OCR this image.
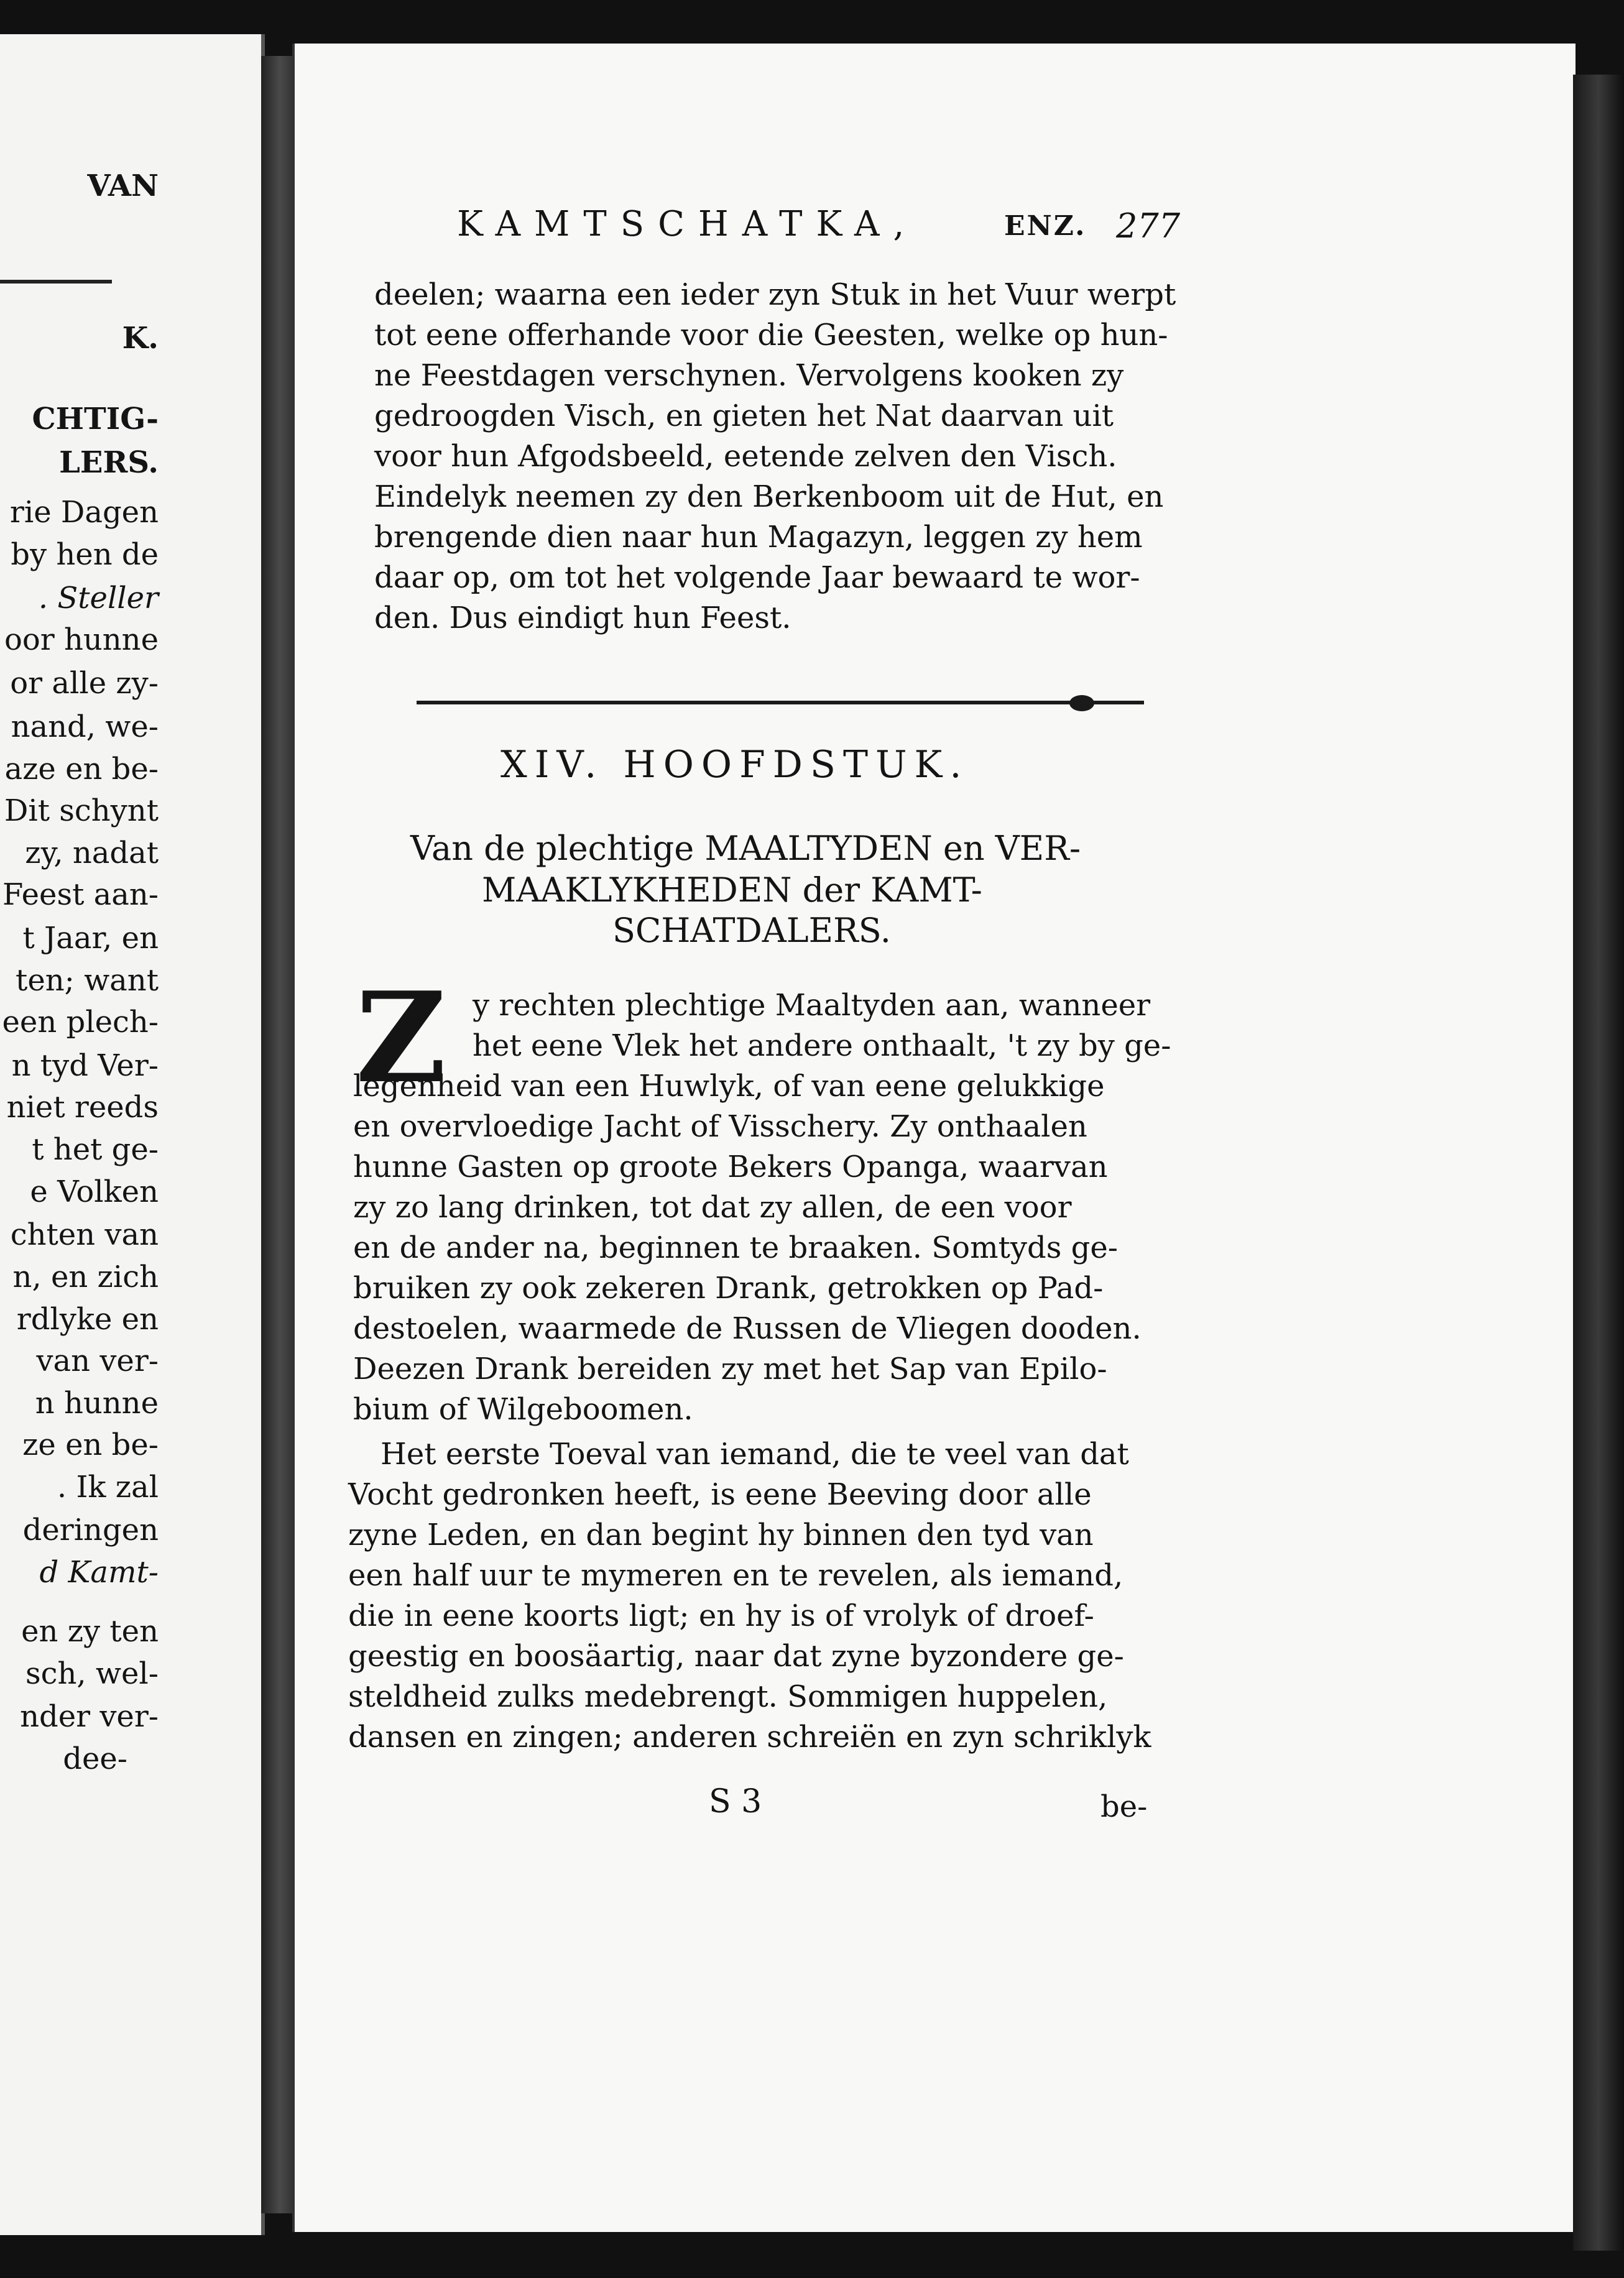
VAN
K.
CHTIG-
LERS.
rie Dagen
by hen de
. Steller
oor hunne
or alle zy-
nand, we-
aze en be-
Dit schynt
zy, nadat
Feest aan-
t Jaar, en
ten; want
een plech-
n tyd Ver-
niet reeds
t het ge-
e Volken
chten van
n, en zich
rdlyke en
van ver-
n hunne
ze en be-
. Ik zal
deringen
d Kamt-
en zy ten
sch, wel-
nder ver-
dee-
KAMTSCHATKA,	ENZ. 277
deelen; waarna een ieder zyn Stuk in het Vuur werpt
tot eene offerhande voor die Geesten, welke op hun-
ne Feestdagen verschynen. Vervolgens kooken zy
gedroogden Visch, en gieten het Nat daarvan uit
voor hun Afgodsbeeld, eetende zelven den Visch.
Eindelyk neemen zy den Berkenboom uit de Hut, en
brengende dien naar hun Magazyn, leggen zy hem
daar op, om tot het volgende Jaar bewaard te wor-
den. Dus eindigt hun Feest.
XIV. HOOFDSTUK.
Van de plechtige MAALTYDEN en VER-
MAAKLYKHEDEN der KAMT-
SCHATDALERS.
Z y rechten plechtige Maaltyden aan, wanneer
het eene Vlek het andere onthaalt, 't zy by ge-
legenheid van een Huwlyk, of van eene gelukkige
en overvloedige Jacht of Visschery. Zy onthaalen
hunne Gasten op groote Bekers Opanga, waarvan
zy zo lang drinken, tot dat zy allen, de een voor
en de ander na, beginnen te braaken. Somtyds ge-
bruiken zy ook zekeren Drank, getrokken op Pad-
destoelen, waarmede de Russen de Vliegen dooden.
Deezen Drank bereiden zy met het Sap van Epilo-
bium of Wilgeboomen.
Het eerste Toeval van iemand, die te veel van dat
Vocht gedronken heeft, is eene Beeving door alle
zyne Leden, en dan begint hy binnen den tyd van
een half uur te mymeren en te revelen, als iemand,
die in eene koorts ligt; en hy is of vrolyk of droef-
geestig en boosäartig, naar dat zyne byzondere ge-
steldheid zulks medebrengt. Sommigen huppelen,
dansen en zingen; anderen schreiën en zyn schriklyk
S 3	be-
